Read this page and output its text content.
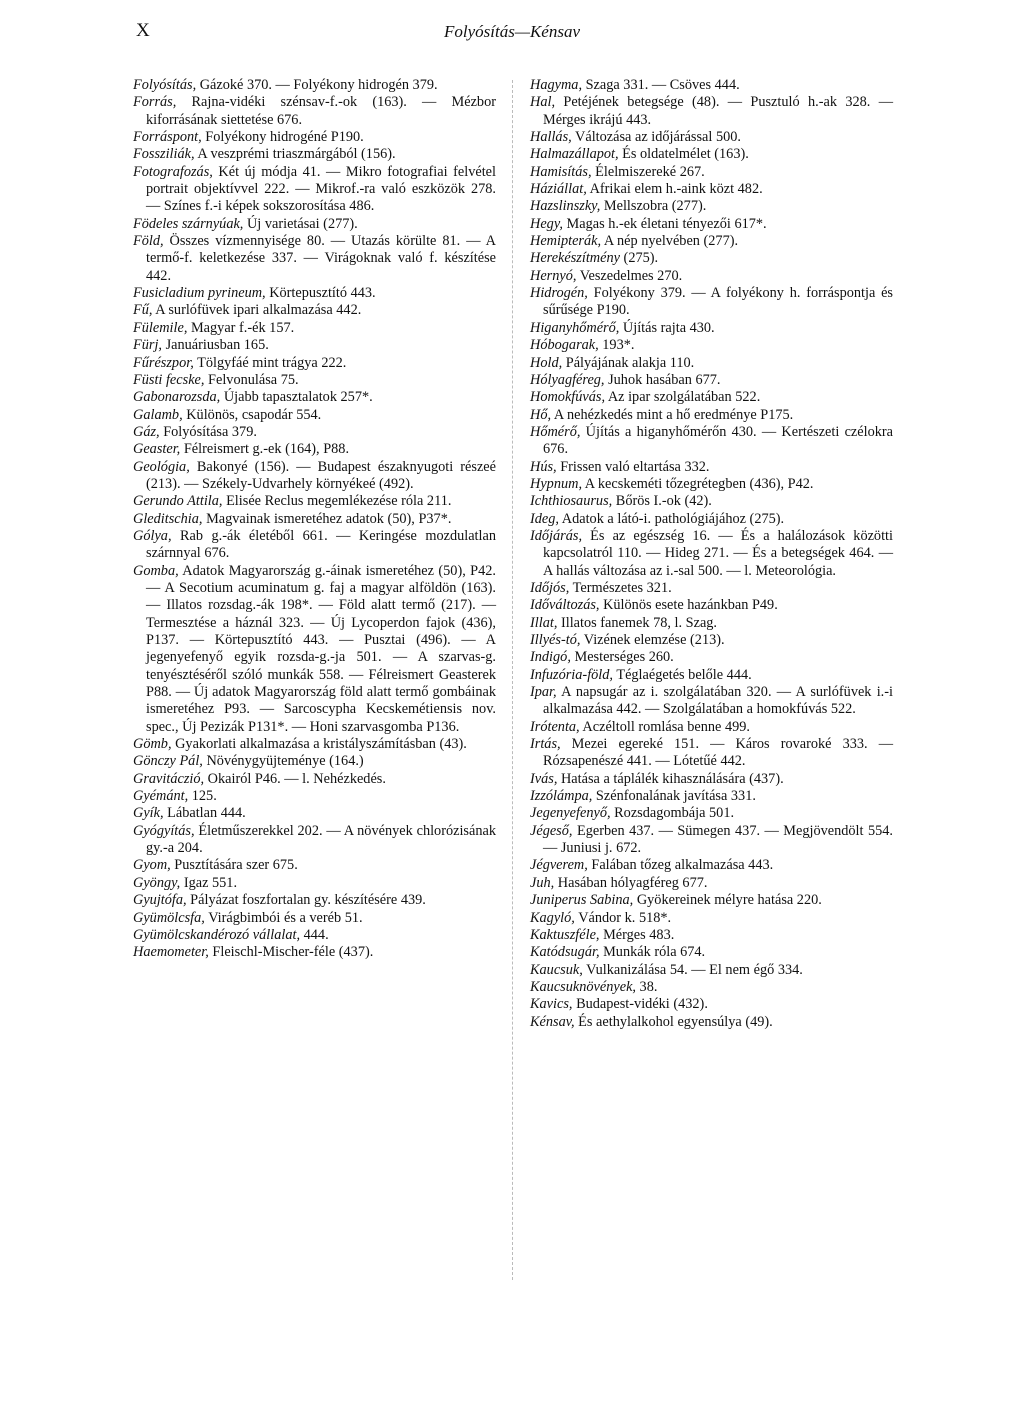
X	Folyósítás—Kénsav

Folyósítás, Gázoké 370. — Folyékony hidrogén 379.

Forrás, Rajna-vidéki szénsav-f.-ok (163). — Mézbor kiforrásának siettetése 676.

Forráspont, Folyékony hidrogéné P190.

Fossziliák, A veszprémi triaszmárgából (156).

Fotografozás, Két új módja 41. — Mikro fotografiai felvétel portrait objektívvel 222. — Mikrof.-ra való eszközök 278. — Színes f.-i képek sokszorosítása 486.

Födeles szárnyúak, Új varietásai (277).

Föld, Összes vízmennyisége 80. — Utazás körülte 81. — A termő-f. keletkezése 337. — Virágoknak való f. készítése 442.

Fusicladium pyrineum, Körtepusztító 443.

Fű, A surlófüvek ipari alkalmazása 442.

Fülemile, Magyar f.-ék 157.

Fürj, Januáriusban 165.

Fűrészpor, Tölgyfáé mint trágya 222.

Füsti fecske, Felvonulása 75.

Gabonarozsda, Újabb tapasztalatok 257*.

Galamb, Különös, csapodár 554.

Gáz, Folyósítása 379.

Geaster, Félreismert g.-ek (164), P88.

Geológia, Bakonyé (156). — Budapest északnyugoti részeé (213). — Székely-Udvarhely környékeé (492).

Gerundo Attila, Elisée Reclus megemlékezése róla 211.

Gleditschia, Magvainak ismeretéhez adatok (50), P37*.

Gólya, Rab g.-ák életéből 661. — Keringése mozdulatlan szárnnyal 676.

Gomba, Adatok Magyarország g.-áinak ismeretéhez (50), P42. — A Secotium acuminatum g. faj a magyar alföldön (163). — Illatos rozsdag.-ák 198*. — Föld alatt termő (217). — Termesztése a háznál 323. — Új Lycoperdon fajok (436), P137. — Körtepusztító 443. — Pusztai (496). — A jegenyefenyő egyik rozsda-g.-ja 501. — A szarvas-g. tenyésztéséről szóló munkák 558. — Félreismert Geasterek P88. — Új adatok Magyarország föld alatt termő gombáinak ismeretéhez P93. — Sarcoscypha Kecskemétiensis nov. spec., Új Pezizák P131*. — Honi szarvasgomba P136.

Gömb, Gyakorlati alkalmazása a kristályszámításban (43).

Gönczy Pál, Növénygyüjteménye (164.)

Gravitáczió, Okairól P46. — l. Nehézkedés.

Gyémánt, 125.

Gyík, Lábatlan 444.

Gyógyítás, Életműszerekkel 202. — A növények chlorózisának gy.-a 204.

Gyom, Pusztítására szer 675.

Gyöngy, Igaz 551.

Gyujtófa, Pályázat foszfortalan gy. készítésére 439.

Gyümölcsfa, Virágbimbói és a veréb 51.

Gyümölcskandérozó vállalat, 444.

Haemometer, Fleischl-Mischer-féle (437).

Hagyma, Szaga 331. — Csöves 444.

Hal, Petéjének betegsége (48). — Pusztuló h.-ak 328. — Mérges ikrájú 443.

Hallás, Változása az időjárással 500.

Halmazállapot, És oldatelmélet (163).

Hamisítás, Élelmiszereké 267.

Háziállat, Afrikai elem h.-aink közt 482.

Hazslinszky, Mellszobra (277).

Hegy, Magas h.-ek életani tényezői 617*.

Hemipterák, A nép nyelvében (277).

Herekészítmény (275).

Hernyó, Veszedelmes 270.

Hidrogén, Folyékony 379. — A folyékony h. forráspontja és sűrűsége P190.

Higanyhőmérő, Újítás rajta 430.

Hóbogarak, 193*.

Hold, Pályájának alakja 110.

Hólyagféreg, Juhok hasában 677.

Homokfúvás, Az ipar szolgálatában 522.

Hő, A nehézkedés mint a hő eredménye P175.

Hőmérő, Újítás a higanyhőmérőn 430. — Kertészeti czélokra 676.

Hús, Frissen való eltartása 332.

Hypnum, A kecskeméti tőzegrétegben (436), P42.

Ichthiosaurus, Bőrös I.-ok (42).

Ideg, Adatok a látó-i. pathológiájához (275).

Időjárás, És az egészség 16. — És a halálozások közötti kapcsolatról 110. — Hideg 271. — És a betegségek 464. — A hallás változása az i.-sal 500. — l. Meteorológia.

Időjós, Természetes 321.

Időváltozás, Különös esete hazánkban P49.

Illat, Illatos fanemek 78, l. Szag.

Illyés-tó, Vizének elemzése (213).

Indigó, Mesterséges 260.

Infuzória-föld, Téglaégetés belőle 444.

Ipar, A napsugár az i. szolgálatában 320. — A surlófüvek i.-i alkalmazása 442. — Szolgálatában a homokfúvás 522.

Irótenta, Aczéltoll romlása benne 499.

Irtás, Mezei egereké 151. — Káros rovaroké 333. — Rózsapenészé 441. — Lótetűé 442.

Ivás, Hatása a táplálék kihasználására (437).

Izzólámpa, Szénfonalának javítása 331.

Jegenyefenyő, Rozsdagombája 501.

Jégeső, Egerben 437. — Sümegen 437. — Megjövendölt 554. — Juniusi j. 672.

Jégverem, Falában tőzeg alkalmazása 443.

Juh, Hasában hólyagféreg 677.

Juniperus Sabina, Gyökereinek mélyre hatása 220.

Kagyló, Vándor k. 518*.

Kaktuszféle, Mérges 483.

Katódsugár, Munkák róla 674.

Kaucsuk, Vulkanizálása 54. — El nem égő 334.

Kaucsuknövények, 38.

Kavics, Budapest-vidéki (432).

Kénsav, És aethylalkohol egyensúlya (49).
